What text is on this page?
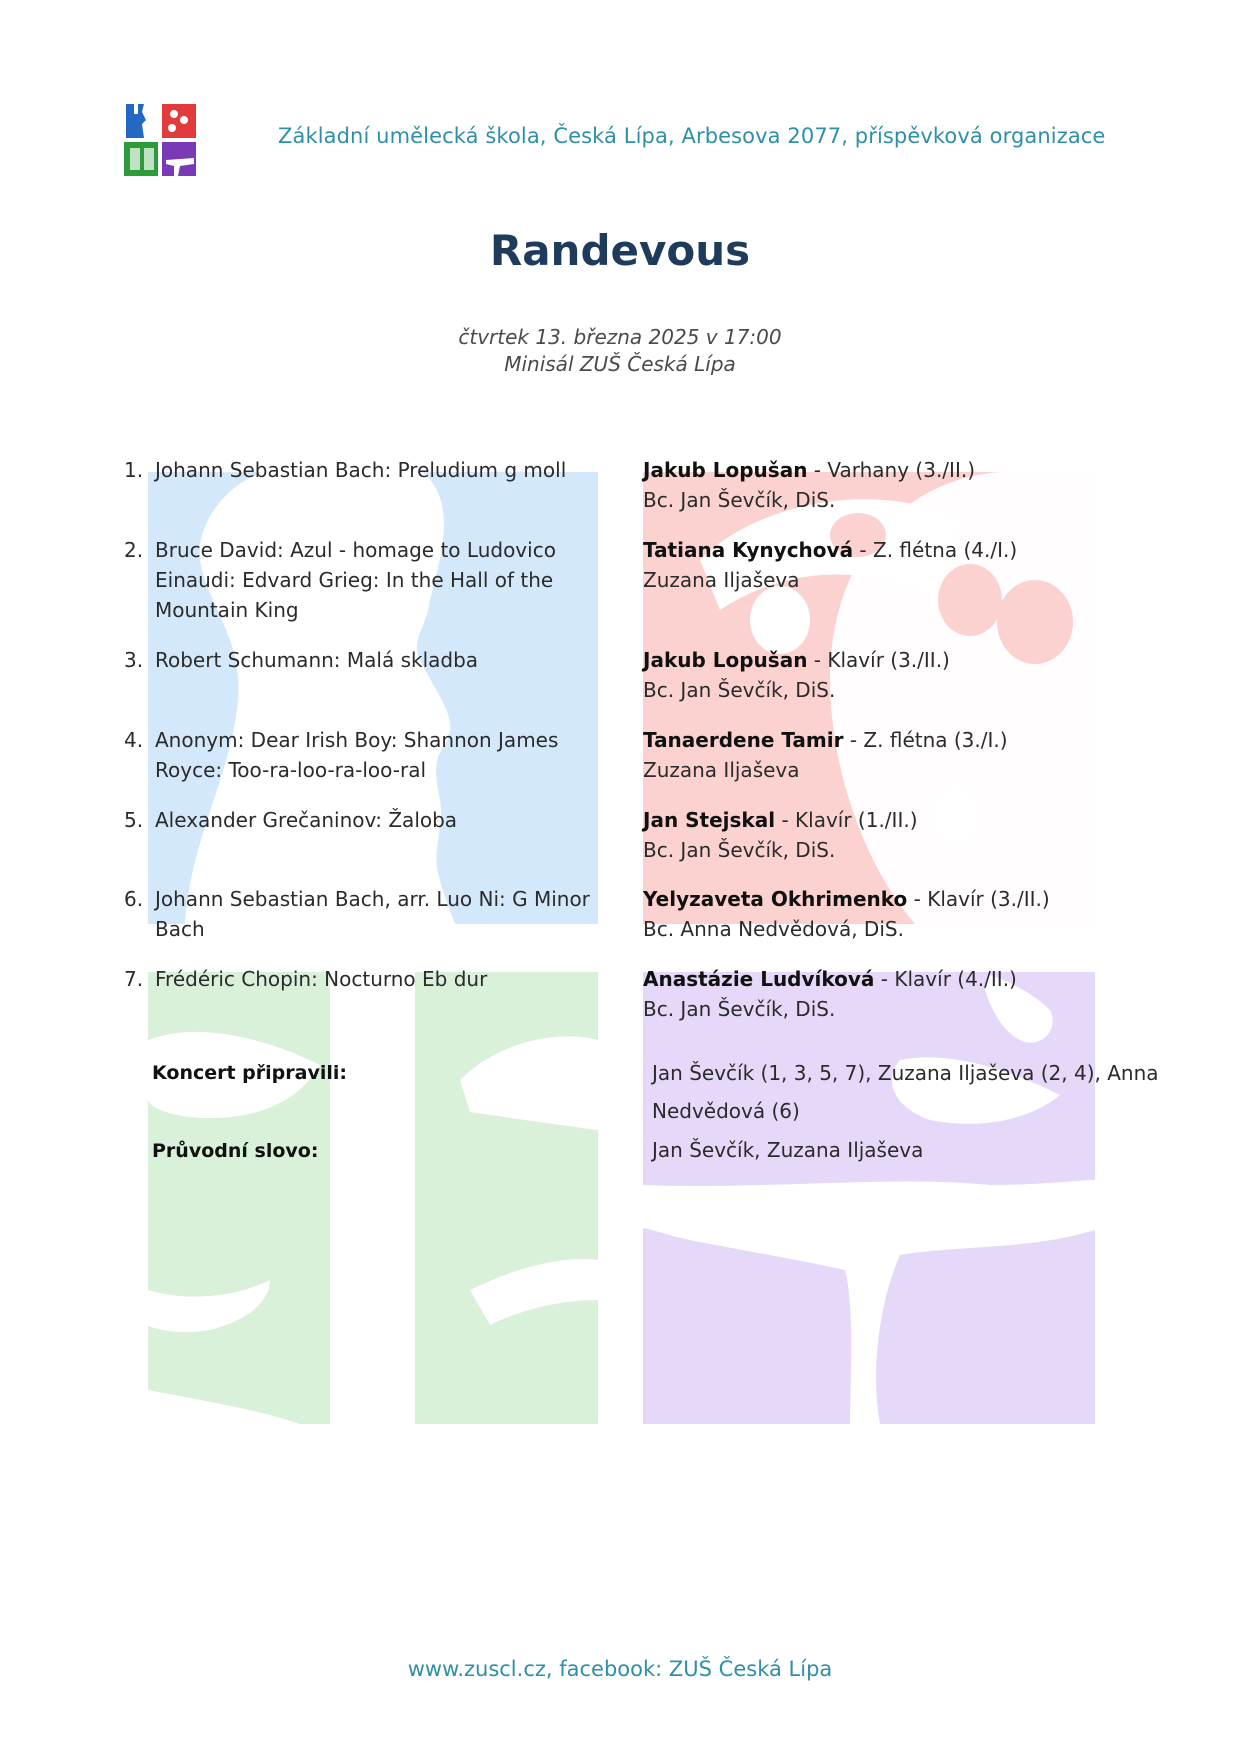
Základní umělecká škola, Česká Lípa, Arbesova 2077, příspěvková organizace
Randevous
čtvrtek 13. března 2025 v 17:00
Minisál ZUŠ Česká Lípa
1. Johann Sebastian Bach: Preludium g moll	Jakub Lopušan - Varhany (3./II.)
Bc. Jan Ševčík, DiS.
2. Bruce David: Azul - homage to Ludovico Einaudi: Edvard Grieg: In the Hall of the Mountain King
Tatiana Kynychová - Z. flétna (4./I.)
Zuzana Iljaševa
3. Robert Schumann: Malá skladba	Jakub Lopušan - Klavír (3./II.)
Bc. Jan Ševčík, DiS.
4. Anonym: Dear Irish Boy: Shannon James Royce: Too-ra-loo-ra-loo-ral
Tanaerdene Tamir - Z. flétna (3./I.)
Zuzana Iljaševa
5. Alexander Grečaninov: Žaloba	Jan Stejskal - Klavír (1./II.)
Bc. Jan Ševčík, DiS.
6. Johann Sebastian Bach, arr. Luo Ni: G Minor Bach
Yelyzaveta Okhrimenko - Klavír (3./II.)
Bc. Anna Nedvědová, DiS.
7. Frédéric Chopin: Nocturno Eb dur	Anastázie Ludvíková - Klavír (4./II.)
Bc. Jan Ševčík, DiS.
Koncert připravili:	Jan Ševčík (1, 3, 5, 7), Zuzana Iljaševa (2, 4), Anna Nedvědová (6)
Průvodní slovo:	Jan Ševčík, Zuzana Iljaševa
www.zuscl.cz, facebook: ZUŠ Česká Lípa
